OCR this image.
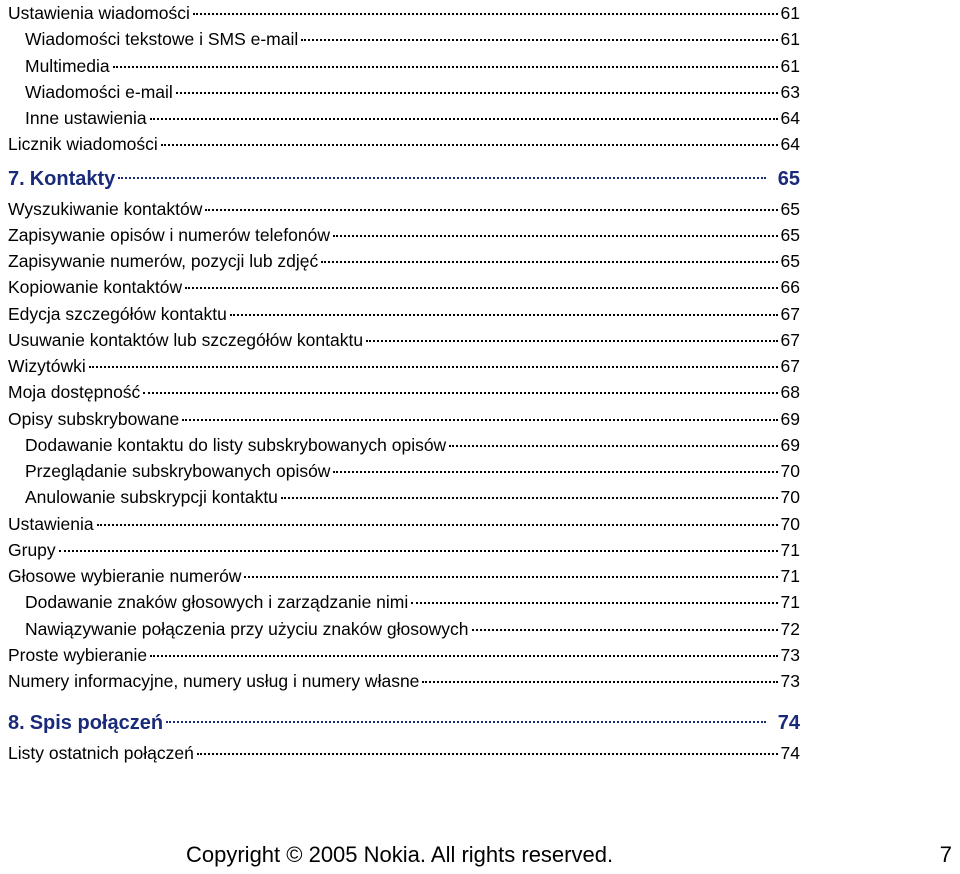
Ustawienia wiadomości	61
Wiadomości tekstowe i SMS e-mail	61
Multimedia	61
Wiadomości e-mail	63
Inne ustawienia	64
Licznik wiadomości	64
7. Kontakty	65
Wyszukiwanie kontaktów	65
Zapisywanie opisów i numerów telefonów	65
Zapisywanie numerów, pozycji lub zdjęć	65
Kopiowanie kontaktów	66
Edycja szczegółów kontaktu	67
Usuwanie kontaktów lub szczegółów kontaktu	67
Wizytówki	67
Moja dostępność	68
Opisy subskrybowane	69
Dodawanie kontaktu do listy subskrybowanych opisów	69
Przeglądanie subskrybowanych opisów	70
Anulowanie subskrypcji kontaktu	70
Ustawienia	70
Grupy	71
Głosowe wybieranie numerów	71
Dodawanie znaków głosowych i zarządzanie nimi	71
Nawiązywanie połączenia przy użyciu znaków głosowych	72
Proste wybieranie	73
Numery informacyjne, numery usług i numery własne	73
8. Spis połączeń	74
Listy ostatnich połączeń	74
Copyright © 2005 Nokia. All rights reserved.	7
